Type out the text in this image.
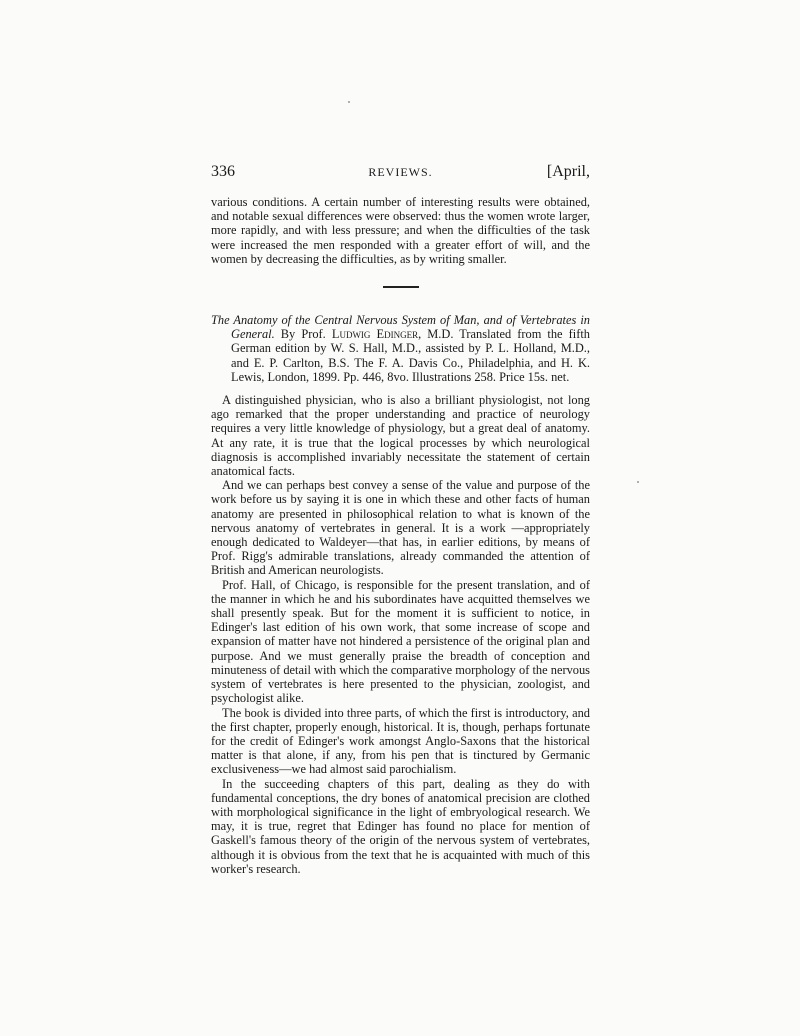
336	REVIEWS.	[April,

various conditions. A certain number of interesting results were obtained, and notable sexual differences were observed: thus the women wrote larger, more rapidly, and with less pressure; and when the difficulties of the task were increased the men responded with a greater effort of will, and the women by decreasing the difficulties, as by writing smaller.

The Anatomy of the Central Nervous System of Man, and of Vertebrates in General. By Prof. Ludwig Edinger, M.D. Translated from the fifth German edition by W. S. Hall, M.D., assisted by P. L. Holland, M.D., and E. P. Carlton, B.S. The F. A. Davis Co., Philadelphia, and H. K. Lewis, London, 1899. Pp. 446, 8vo. Illustrations 258. Price 15s. net.

A distinguished physician, who is also a brilliant physiologist, not long ago remarked that the proper understanding and practice of neurology requires a very little knowledge of physiology, but a great deal of anatomy. At any rate, it is true that the logical processes by which neurological diagnosis is accomplished invariably necessitate the statement of certain anatomical facts.

And we can perhaps best convey a sense of the value and purpose of the work before us by saying it is one in which these and other facts of human anatomy are presented in philosophical relation to what is known of the nervous anatomy of vertebrates in general. It is a work —appropriately enough dedicated to Waldeyer—that has, in earlier editions, by means of Prof. Rigg's admirable translations, already commanded the attention of British and American neurologists.

Prof. Hall, of Chicago, is responsible for the present translation, and of the manner in which he and his subordinates have acquitted themselves we shall presently speak. But for the moment it is sufficient to notice, in Edinger's last edition of his own work, that some increase of scope and expansion of matter have not hindered a persistence of the original plan and purpose. And we must generally praise the breadth of conception and minuteness of detail with which the comparative morphology of the nervous system of vertebrates is here presented to the physician, zoologist, and psychologist alike.

The book is divided into three parts, of which the first is introductory, and the first chapter, properly enough, historical. It is, though, perhaps fortunate for the credit of Edinger's work amongst Anglo-Saxons that the historical matter is that alone, if any, from his pen that is tinctured by Germanic exclusiveness—we had almost said parochialism.

In the succeeding chapters of this part, dealing as they do with fundamental conceptions, the dry bones of anatomical precision are clothed with morphological significance in the light of embryological research. We may, it is true, regret that Edinger has found no place for mention of Gaskell's famous theory of the origin of the nervous system of vertebrates, although it is obvious from the text that he is acquainted with much of this worker's research.
